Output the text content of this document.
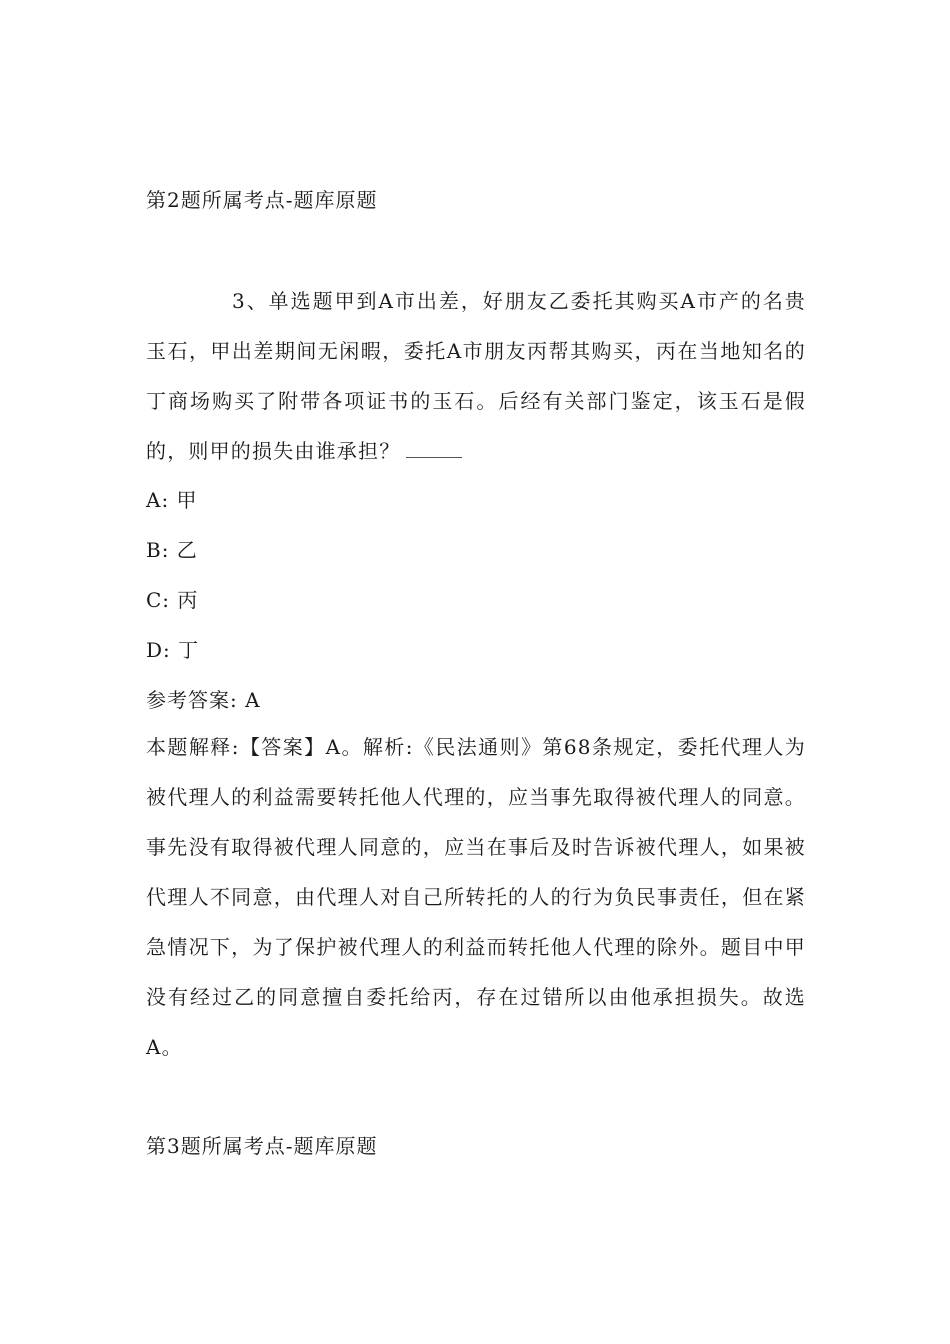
第2题所属考点-题库原题
3、单选题甲到A市出差，好朋友乙委托其购买A市产的名贵玉石，甲出差期间无闲暇，委托A市朋友丙帮其购买，丙在当地知名的丁商场购买了附带各项证书的玉石。后经有关部门鉴定，该玉石是假的，则甲的损失由谁承担？
A: 甲
B: 乙
C: 丙
D: 丁
参考答案: A
本题解释:【答案】A。解析:《民法通则》第68条规定，委托代理人为被代理人的利益需要转托他人代理的，应当事先取得被代理人的同意。事先没有取得被代理人同意的，应当在事后及时告诉被代理人，如果被代理人不同意，由代理人对自己所转托的人的行为负民事责任，但在紧急情况下，为了保护被代理人的利益而转托他人代理的除外。题目中甲没有经过乙的同意擅自委托给丙，存在过错所以由他承担损失。故选A。
第3题所属考点-题库原题
